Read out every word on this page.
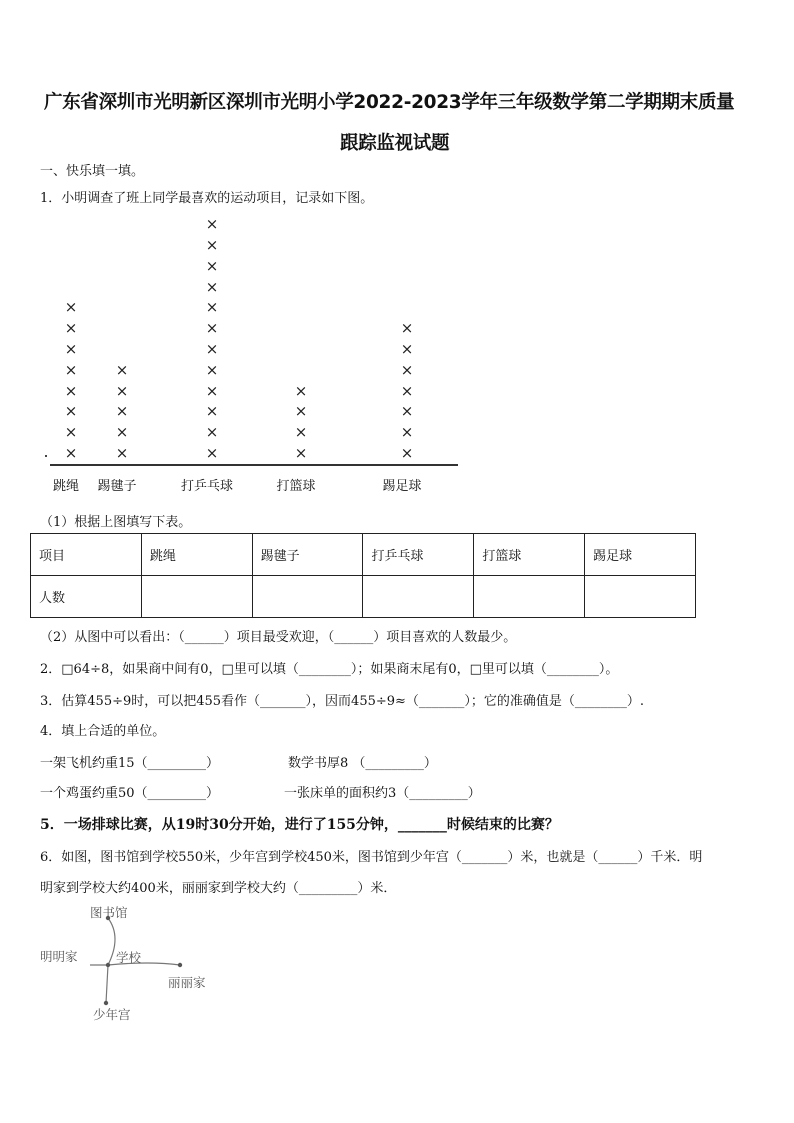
广东省深圳市光明新区深圳市光明小学2022-2023学年三年级数学第二学期期末质量
跟踪监视试题
一、快乐填一填。
1．小明调查了班上同学最喜欢的运动项目，记录如下图。
×
×
×
×
×
×
×
×
跳绳
×
×
×
×
×
踢毽子
×
×
×
×
×
×
×
×
×
×
×
×
打乒乓球
×
×
×
×
打篮球
×
×
×
×
×
×
×
踢足球
（1）根据上图填写下表。
项目	跳绳	踢毽子	打乒乓球	打篮球	踢足球
人数					
（2）从图中可以看出：（______）项目最受欢迎，（______）项目喜欢的人数最少。
2．□64÷8，如果商中间有0，□里可以填（________）；如果商末尾有0，□里可以填（________）。
3．估算455÷9时，可以把455看作（_______），因而455÷9≈（_______）；它的准确值是（________）.
4．填上合适的单位。
一架飞机约重15（_________）	数学书厚8 （_________）
一个鸡蛋约重50（_________）	一张床单的面积约3（_________）
5．一场排球比赛，从19时30分开始，进行了155分钟，_______时候结束的比赛？
6．如图，图书馆到学校550米，少年宫到学校450米，图书馆到少年宫（_______）米，也就是（______）千米．明
明家到学校大约400米，丽丽家到学校大约（_________）米．
图书馆
明明家	学校
丽丽家
少年宫
